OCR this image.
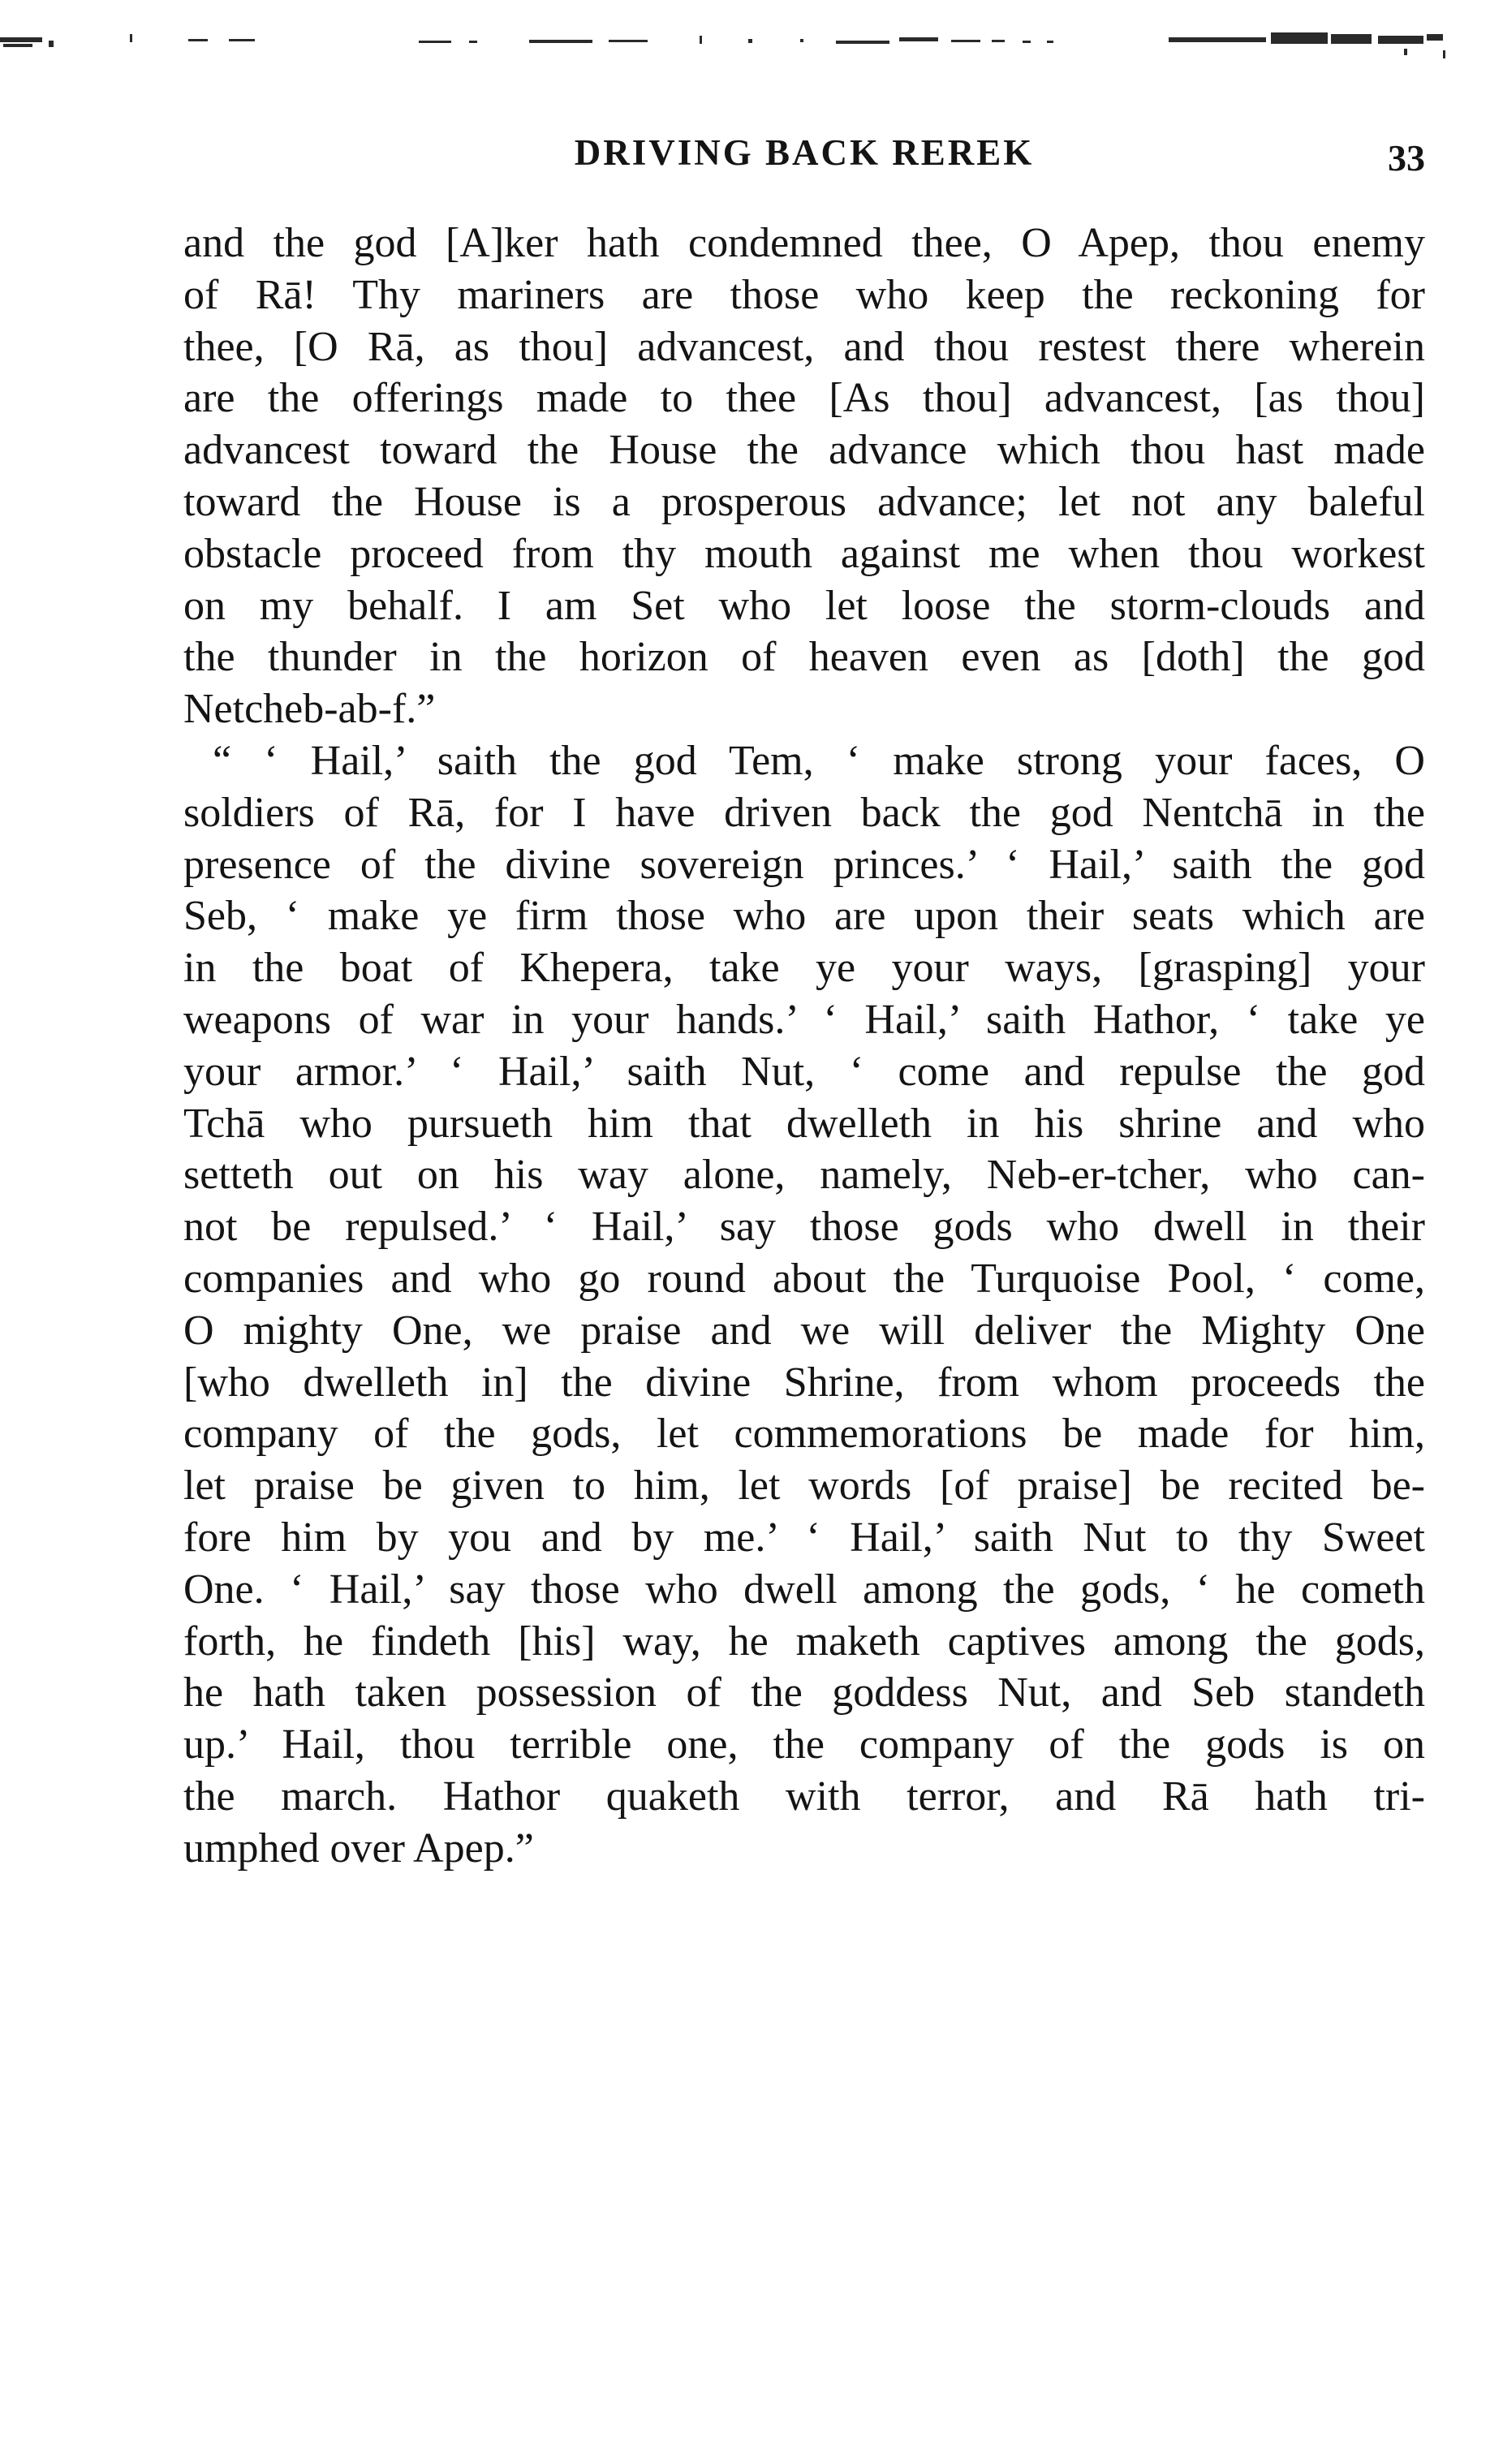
DRIVING BACK REREK	33
and the god [A]ker hath condemned thee, O Apep, thou enemy
of Rā! Thy mariners are those who keep the reckoning for
thee, [O Rā, as thou] advancest, and thou restest there wherein
are the offerings made to thee [As thou] advancest, [as thou]
advancest toward the House the advance which thou hast made
toward the House is a prosperous advance; let not any baleful
obstacle proceed from thy mouth against me when thou workest
on my behalf. I am Set who let loose the storm-clouds and
the thunder in the horizon of heaven even as [doth] the god
Netcheb-ab-f.”
“ ‘ Hail,’ saith the god Tem, ‘ make strong your faces, O
soldiers of Rā, for I have driven back the god Nentchā in the
presence of the divine sovereign princes.’ ‘ Hail,’ saith the god
Seb, ‘ make ye firm those who are upon their seats which are
in the boat of Khepera, take ye your ways, [grasping] your
weapons of war in your hands.’ ‘ Hail,’ saith Hathor, ‘ take ye
your armor.’ ‘ Hail,’ saith Nut, ‘ come and repulse the god
Tchā who pursueth him that dwelleth in his shrine and who
setteth out on his way alone, namely, Neb-er-tcher, who can-
not be repulsed.’ ‘ Hail,’ say those gods who dwell in their
companies and who go round about the Turquoise Pool, ‘ come,
O mighty One, we praise and we will deliver the Mighty One
[who dwelleth in] the divine Shrine, from whom proceeds the
company of the gods, let commemorations be made for him,
let praise be given to him, let words [of praise] be recited be-
fore him by you and by me.’ ‘ Hail,’ saith Nut to thy Sweet
One. ‘ Hail,’ say those who dwell among the gods, ‘ he cometh
forth, he findeth [his] way, he maketh captives among the gods,
he hath taken possession of the goddess Nut, and Seb standeth
up.’ Hail, thou terrible one, the company of the gods is on
the march. Hathor quaketh with terror, and Rā hath tri-
umphed over Apep.”
